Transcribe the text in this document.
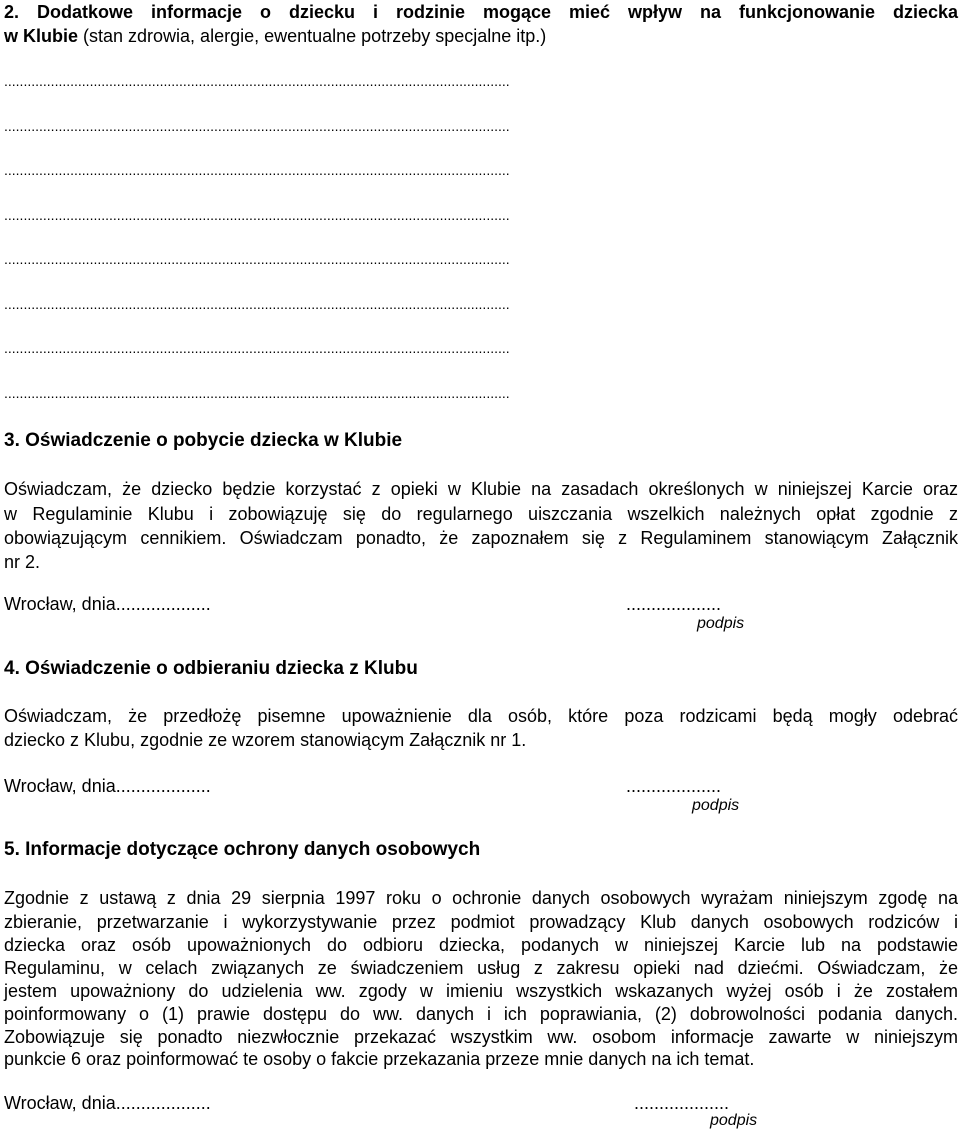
2. Dodatkowe informacje o dziecku i rodzinie mogące mieć wpływ na funkcjonowanie dziecka
w Klubie (stan zdrowia, alergie, ewentualne potrzeby specjalne itp.)
..................................................................................................................................
..................................................................................................................................
..................................................................................................................................
..................................................................................................................................
..................................................................................................................................
..................................................................................................................................
..................................................................................................................................
..................................................................................................................................
3. Oświadczenie o pobycie dziecka w Klubie
Oświadczam, że dziecko będzie korzystać z opieki w Klubie na zasadach określonych w niniejszej Karcie oraz
w Regulaminie Klubu i zobowiązuję się do regularnego uiszczania wszelkich należnych opłat zgodnie z
obowiązującym cennikiem. Oświadczam ponadto, że zapoznałem się z Regulaminem stanowiącym Załącznik
nr 2.
Wrocław, dnia...................	...................
podpis
4. Oświadczenie o odbieraniu dziecka z Klubu
Oświadczam, że przedłożę pisemne upoważnienie dla osób, które poza rodzicami będą mogły odebrać
dziecko z Klubu, zgodnie ze wzorem stanowiącym Załącznik nr 1.
Wrocław, dnia...................	...................
podpis
5. Informacje dotyczące ochrony danych osobowych
Zgodnie z ustawą z dnia 29 sierpnia 1997 roku o ochronie danych osobowych wyrażam niniejszym zgodę na
zbieranie, przetwarzanie i wykorzystywanie przez podmiot prowadzący Klub danych osobowych rodziców i
dziecka oraz osób upoważnionych do odbioru dziecka, podanych w niniejszej Karcie lub na podstawie
Regulaminu, w celach związanych ze świadczeniem usług z zakresu opieki nad dziećmi. Oświadczam, że
jestem upoważniony do udzielenia ww. zgody w imieniu wszystkich wskazanych wyżej osób i że zostałem
poinformowany o (1) prawie dostępu do ww. danych i ich poprawiania, (2) dobrowolności podania danych.
Zobowiązuje się ponadto niezwłocznie przekazać wszystkim ww. osobom informacje zawarte w niniejszym
punkcie 6 oraz poinformować te osoby o fakcie przekazania przeze mnie danych na ich temat.
Wrocław, dnia...................	...................
podpis
